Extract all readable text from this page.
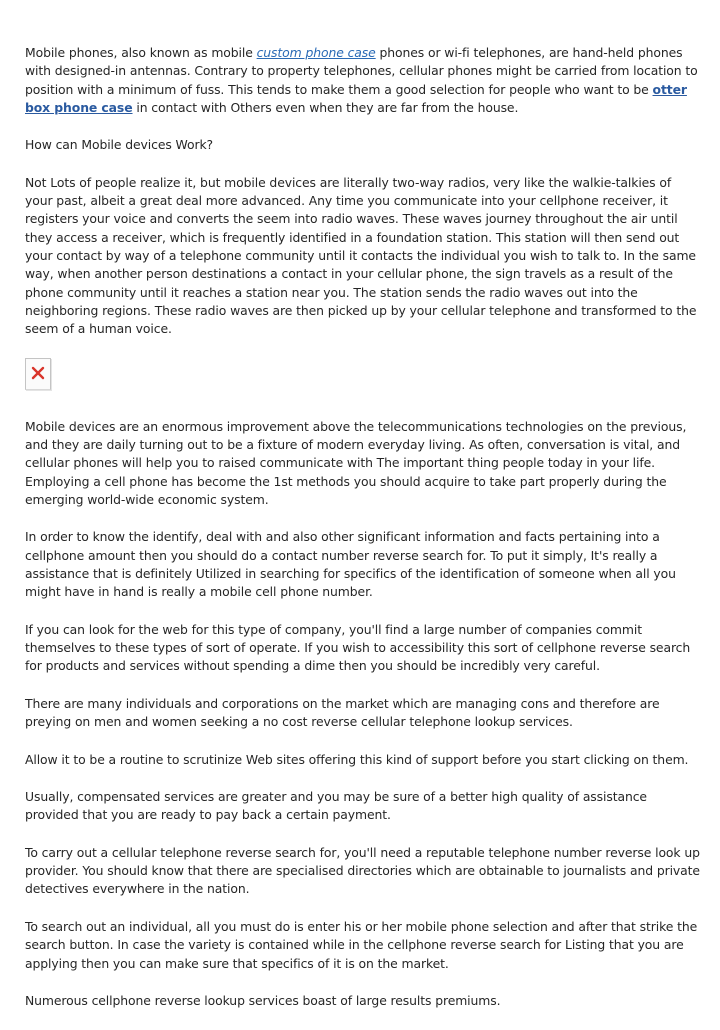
Mobile phones, also known as mobile custom phone case phones or wi-fi telephones, are hand-held phones with designed-in antennas. Contrary to property telephones, cellular phones might be carried from location to position with a minimum of fuss. This tends to make them a good selection for people who want to be otter box phone case in contact with Others even when they are far from the house.

How can Mobile devices Work?

Not Lots of people realize it, but mobile devices are literally two-way radios, very like the walkie-talkies of your past, albeit a great deal more advanced. Any time you communicate into your cellphone receiver, it registers your voice and converts the seem into radio waves. These waves journey throughout the air until they access a receiver, which is frequently identified in a foundation station. This station will then send out your contact by way of a telephone community until it contacts the individual you wish to talk to. In the same way, when another person destinations a contact in your cellular phone, the sign travels as a result of the phone community until it reaches a station near you. The station sends the radio waves out into the neighboring regions. These radio waves are then picked up by your cellular telephone and transformed to the seem of a human voice.

Mobile devices are an enormous improvement above the telecommunications technologies on the previous, and they are daily turning out to be a fixture of modern everyday living. As often, conversation is vital, and cellular phones will help you to raised communicate with The important thing people today in your life. Employing a cell phone has become the 1st methods you should acquire to take part properly during the emerging world-wide economic system.

In order to know the identify, deal with and also other significant information and facts pertaining into a cellphone amount then you should do a contact number reverse search for. To put it simply, It's really a assistance that is definitely Utilized in searching for specifics of the identification of someone when all you might have in hand is really a mobile cell phone number.

If you can look for the web for this type of company, you'll find a large number of companies commit themselves to these types of sort of operate. If you wish to accessibility this sort of cellphone reverse search for products and services without spending a dime then you should be incredibly very careful.

There are many individuals and corporations on the market which are managing cons and therefore are preying on men and women seeking a no cost reverse cellular telephone lookup services.

Allow it to be a routine to scrutinize Web sites offering this kind of support before you start clicking on them.

Usually, compensated services are greater and you may be sure of a better high quality of assistance provided that you are ready to pay back a certain payment.

To carry out a cellular telephone reverse search for, you'll need a reputable telephone number reverse look up provider. You should know that there are specialised directories which are obtainable to journalists and private detectives everywhere in the nation.

To search out an individual, all you must do is enter his or her mobile phone selection and after that strike the search button. In case the variety is contained while in the cellphone reverse search for Listing that you are applying then you can make sure that specifics of it is on the market.

Numerous cellphone reverse lookup services boast of large results premiums.
